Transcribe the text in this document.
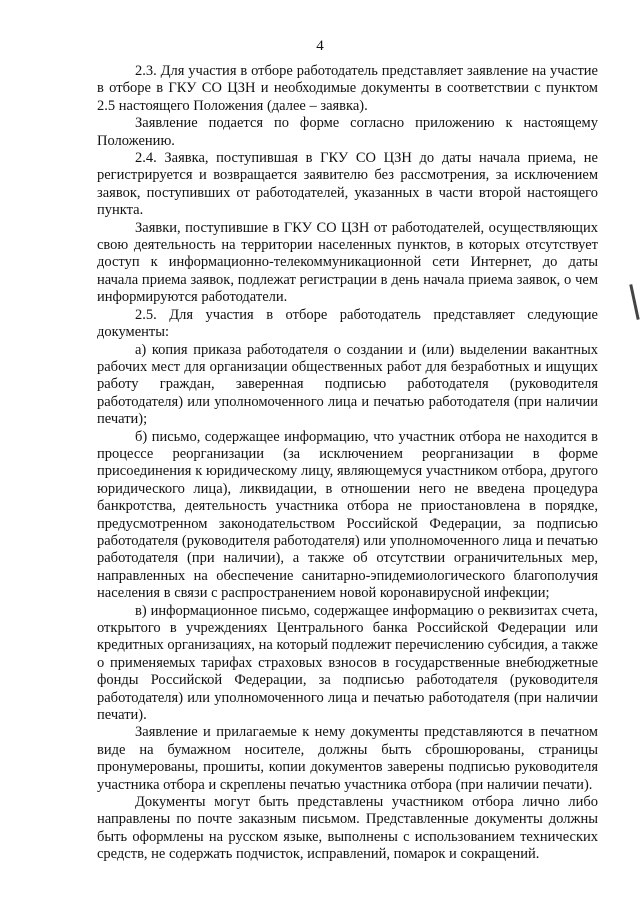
4

2.3. Для участия в отборе работодатель представляет заявление на участие в отборе в ГКУ СО ЦЗН и необходимые документы в соответствии с пунктом 2.5 настоящего Положения (далее – заявка).

Заявление подается по форме согласно приложению к настоящему Положению.

2.4. Заявка, поступившая в ГКУ СО ЦЗН до даты начала приема, не регистрируется и возвращается заявителю без рассмотрения, за исключением заявок, поступивших от работодателей, указанных в части второй настоящего пункта.

Заявки, поступившие в ГКУ СО ЦЗН от работодателей, осуществляющих свою деятельность на территории населенных пунктов, в которых отсутствует доступ к информационно-телекоммуникационной сети Интернет, до даты начала приема заявок, подлежат регистрации в день начала приема заявок, о чем информируются работодатели.

2.5. Для участия в отборе работодатель представляет следующие документы:

а) копия приказа работодателя о создании и (или) выделении вакантных рабочих мест для организации общественных работ для безработных и ищущих работу граждан, заверенная подписью работодателя (руководителя работодателя) или уполномоченного лица и печатью работодателя (при наличии печати);

б) письмо, содержащее информацию, что участник отбора не находится в процессе реорганизации (за исключением реорганизации в форме присоединения к юридическому лицу, являющемуся участником отбора, другого юридического лица), ликвидации, в отношении него не введена процедура банкротства, деятельность участника отбора не приостановлена в порядке, предусмотренном законодательством Российской Федерации, за подписью работодателя (руководителя работодателя) или уполномоченного лица и печатью работодателя (при наличии), а также об отсутствии ограничительных мер, направленных на обеспечение санитарно-эпидемиологического благополучия населения в связи с распространением новой коронавирусной инфекции;

в) информационное письмо, содержащее информацию о реквизитах счета, открытого в учреждениях Центрального банка Российской Федерации или кредитных организациях, на который подлежит перечислению субсидия, а также о применяемых тарифах страховых взносов в государственные внебюджетные фонды Российской Федерации, за подписью работодателя (руководителя работодателя) или уполномоченного лица и печатью работодателя (при наличии печати).

Заявление и прилагаемые к нему документы представляются в печатном виде на бумажном носителе, должны быть сброшюрованы, страницы пронумерованы, прошиты, копии документов заверены подписью руководителя участника отбора и скреплены печатью участника отбора (при наличии печати).

Документы могут быть представлены участником отбора лично либо направлены по почте заказным письмом. Представленные документы должны быть оформлены на русском языке, выполнены с использованием технических средств, не содержать подчисток, исправлений, помарок и сокращений.
